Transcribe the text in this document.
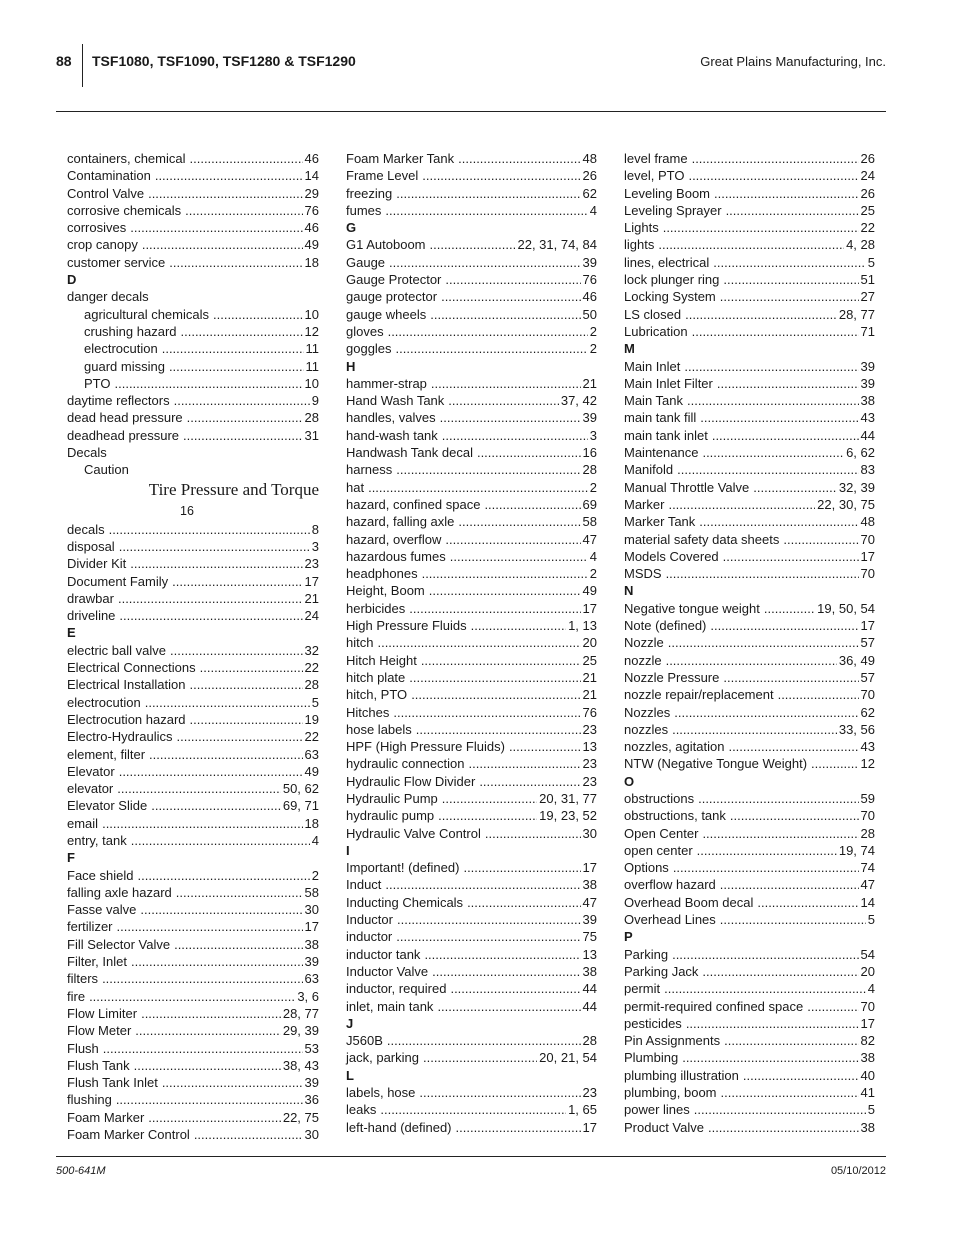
88 TSF1080, TSF1090, TSF1280 & TSF1290	Great Plains Manufacturing, Inc.
containers, chemical .....	46
Contamination .....	14
Control Valve .....	29
corrosive chemicals .....	76
corrosives .....	46
crop canopy .....	49
customer service .....	18
D
danger decals
agricultural chemicals .....	10
crushing hazard .....	12
electrocution .....	11
guard missing .....	11
PTO .....	10
daytime reflectors .....	9
dead head pressure .....	28
deadhead pressure .....	31
Decals
Caution
Tire Pressure and Torque
16
decals .....	8
disposal .....	3
Divider Kit .....	23
Document Family .....	17
drawbar .....	21
driveline .....	24
E
electric ball valve .....	32
Electrical Connections .....	22
Electrical Installation .....	28
electrocution .....	5
Electrocution hazard .....	19
Electro-Hydraulics .....	22
element, filter .....	63
Elevator .....	49
elevator .....	50, 62
Elevator Slide .....	69, 71
email .....	18
entry, tank .....	4
F
Face shield .....	2
falling axle hazard .....	58
Fasse valve .....	30
fertilizer .....	17
Fill Selector Valve .....	38
Filter, Inlet .....	39
filters .....	63
fire .....	3, 6
Flow Limiter .....	28, 77
Flow Meter .....	29, 39
Flush .....	53
Flush Tank .....	38, 43
Flush Tank Inlet .....	39
flushing .....	36
Foam Marker .....	22, 75
Foam Marker Control .....	30
Foam Marker Tank .....	48
Frame Level .....	26
freezing .....	62
fumes .....	4
G
G1 Autoboom .....	22, 31, 74, 84
Gauge .....	39
Gauge Protector .....	76
gauge protector .....	46
gauge wheels .....	50
gloves .....	2
goggles .....	2
H
hammer-strap .....	21
Hand Wash Tank .....	37, 42
handles, valves .....	39
hand-wash tank .....	3
Handwash Tank decal .....	16
harness .....	28
hat .....	2
hazard, confined space .....	69
hazard, falling axle .....	58
hazard, overflow .....	47
hazardous fumes .....	4
headphones .....	2
Height, Boom .....	49
herbicides .....	17
High Pressure Fluids .....	1, 13
hitch .....	20
Hitch Height .....	25
hitch plate .....	21
hitch, PTO .....	21
Hitches .....	76
hose labels .....	23
HPF (High Pressure Fluids) .....	13
hydraulic connection .....	23
Hydraulic Flow Divider .....	23
Hydraulic Pump .....	20, 31, 77
hydraulic pump .....	19, 23, 52
Hydraulic Valve Control .....	30
I
Important! (defined) .....	17
Induct .....	38
Inducting Chemicals .....	47
Inductor .....	39
inductor .....	75
inductor tank .....	13
Inductor Valve .....	38
inductor, required .....	44
inlet, main tank .....	44
J
J560B .....	28
jack, parking .....	20, 21, 54
L
labels, hose .....	23
leaks .....	1, 65
left-hand (defined) .....	17
level frame .....	26
level, PTO .....	24
Leveling Boom .....	26
Leveling Sprayer .....	25
Lights .....	22
lights .....	4, 28
lines, electrical .....	5
lock plunger ring .....	51
Locking System .....	27
LS closed .....	28, 77
Lubrication .....	71
M
Main Inlet .....	39
Main Inlet Filter .....	39
Main Tank .....	38
main tank fill .....	43
main tank inlet .....	44
Maintenance .....	6, 62
Manifold .....	83
Manual Throttle Valve .....	32, 39
Marker .....	22, 30, 75
Marker Tank .....	48
material safety data sheets .....	70
Models Covered .....	17
MSDS .....	70
N
Negative tongue weight .....	19, 50, 54
Note (defined) .....	17
Nozzle .....	57
nozzle .....	36, 49
Nozzle Pressure .....	57
nozzle repair/replacement .....	70
Nozzles .....	62
nozzles .....	33, 56
nozzles, agitation .....	43
NTW (Negative Tongue Weight) .....	12
O
obstructions .....	59
obstructions, tank .....	70
Open Center .....	28
open center .....	19, 74
Options .....	74
overflow hazard .....	47
Overhead Boom decal .....	14
Overhead Lines .....	5
P
Parking .....	54
Parking Jack .....	20
permit .....	4
permit-required confined space .....	70
pesticides .....	17
Pin Assignments .....	82
Plumbing .....	38
plumbing illustration .....	40
plumbing, boom .....	41
power lines .....	5
Product Valve .....	38
500-641M	05/10/2012
